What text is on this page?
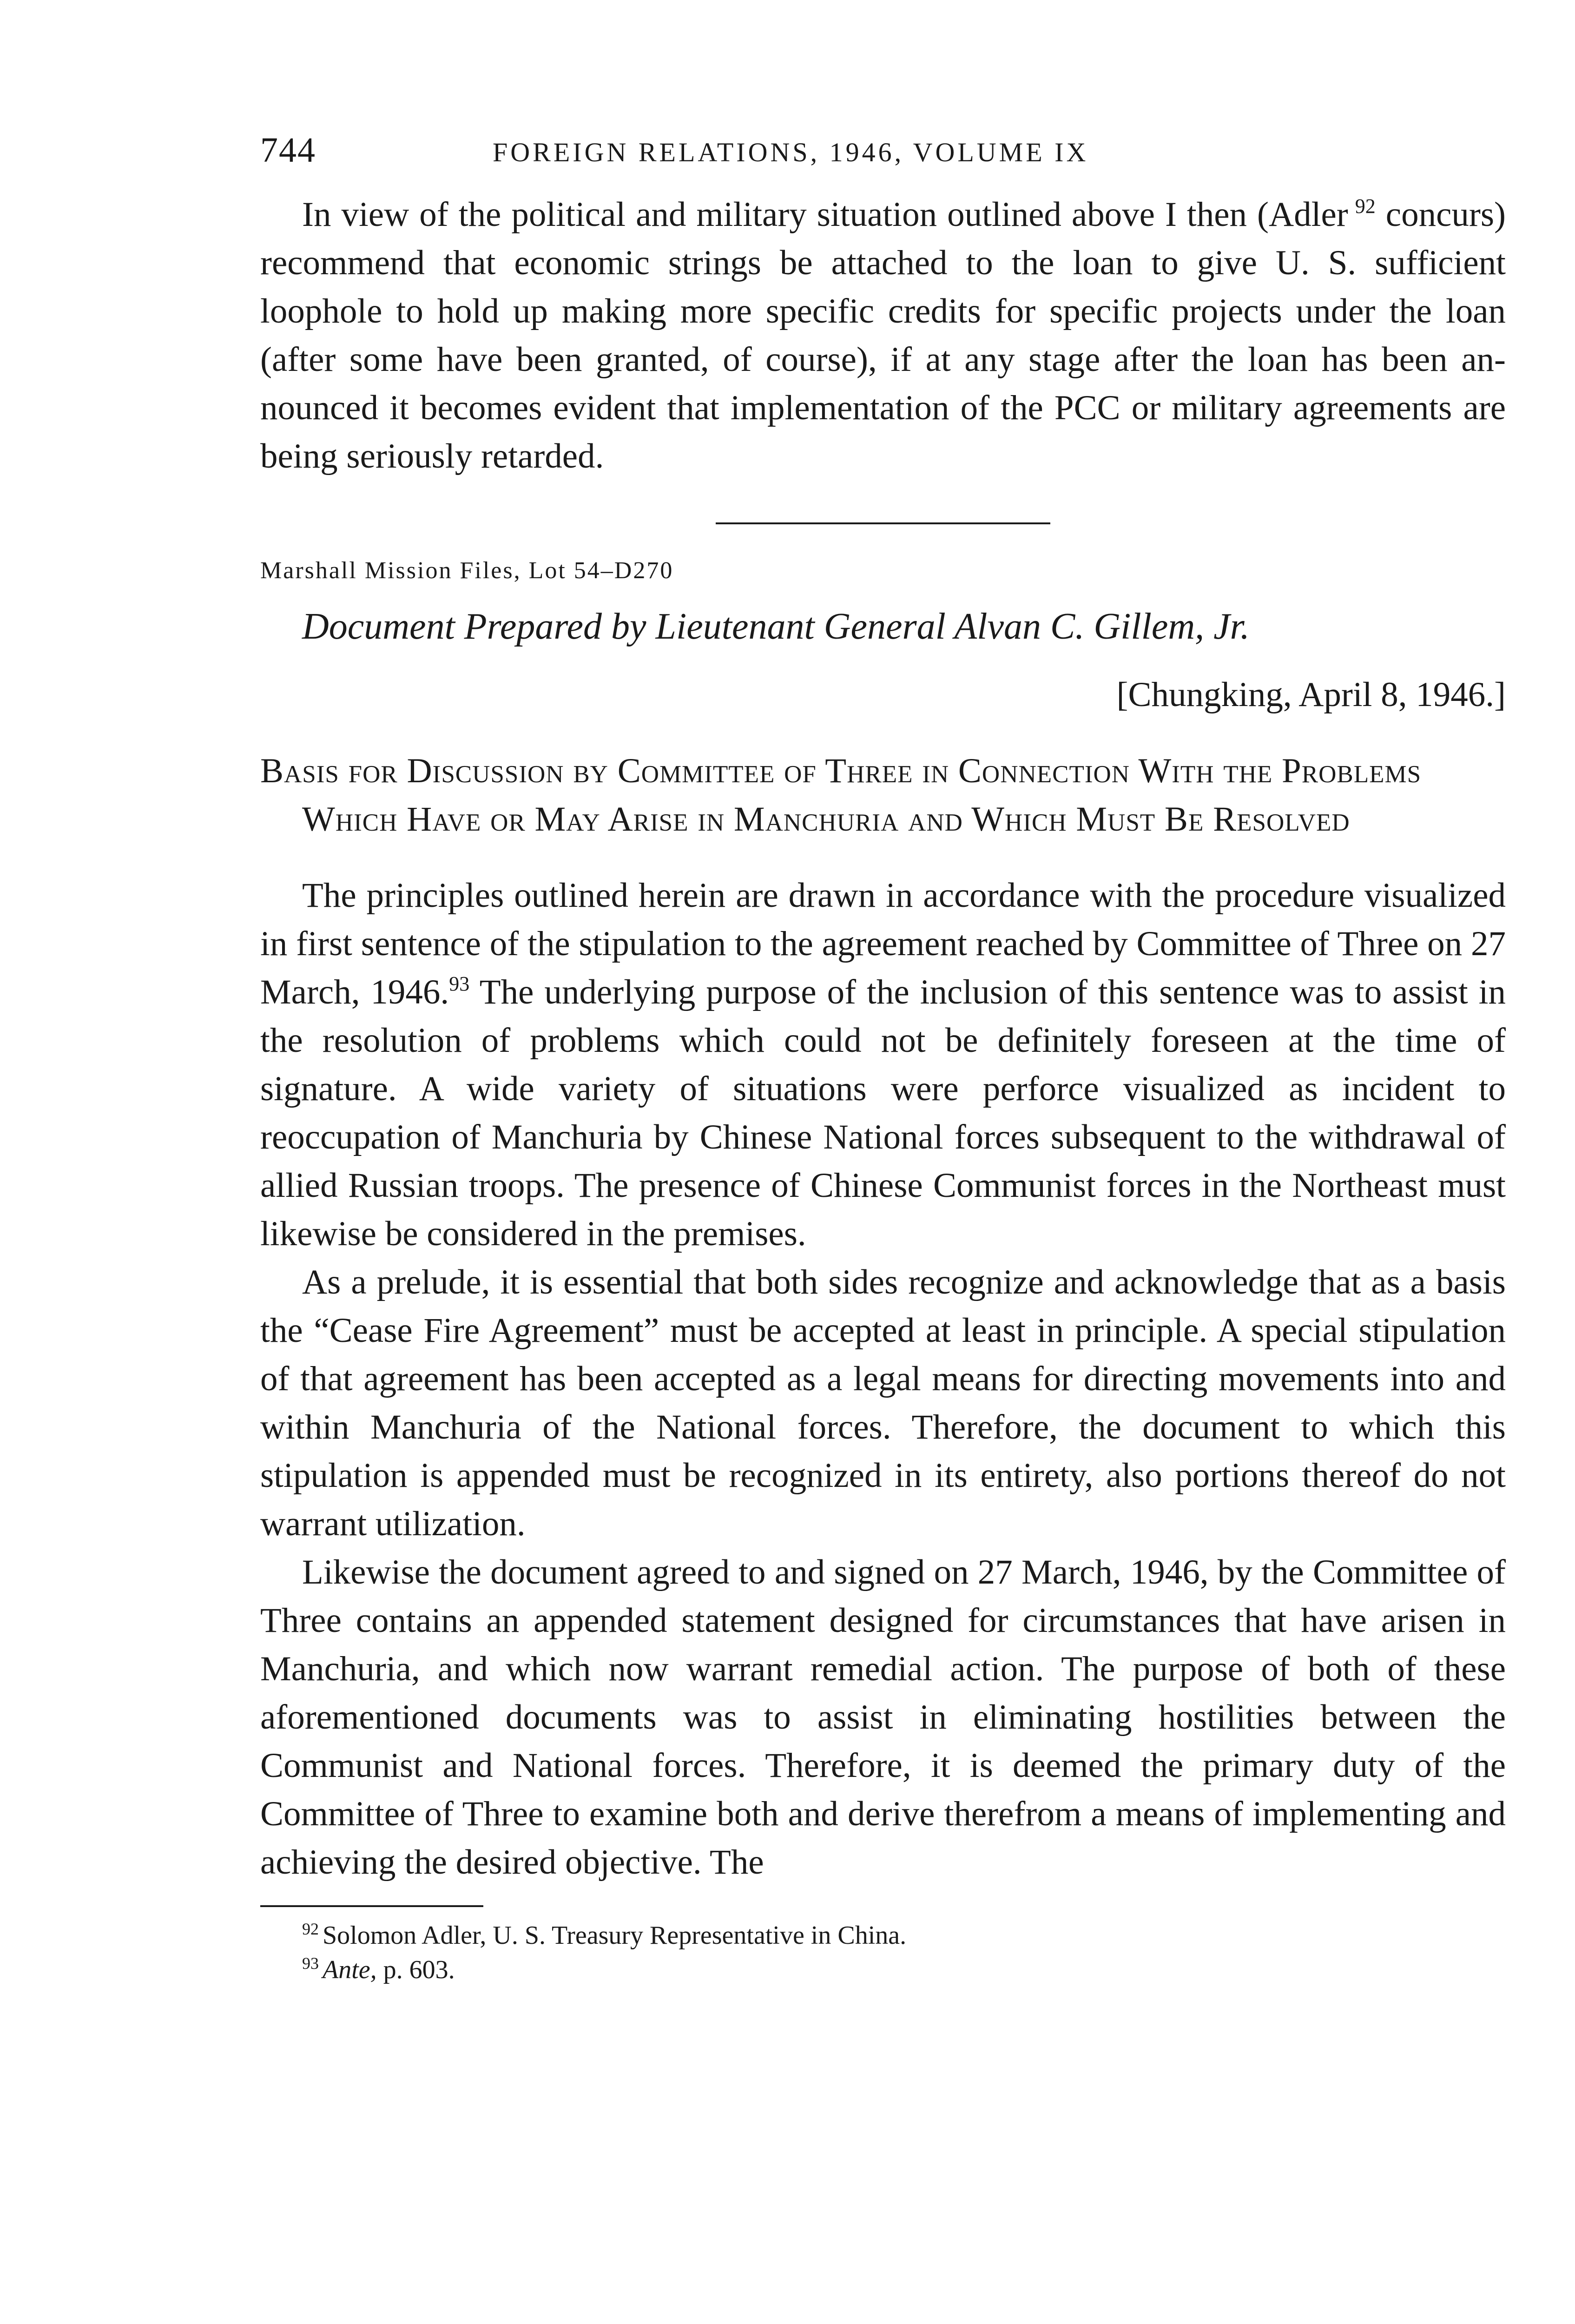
744	FOREIGN RELATIONS, 1946, VOLUME IX

In view of the political and military situation outlined above I then (Adler  $^{92}$ concurs) recommend that economic strings be attached to the loan to give U. S. sufficient loophole to hold up making more specific credits for specific projects under the loan (after some have been granted, of course), if at any stage after the loan has been announced it becomes evident that implementation of the PCC or military agreements are being seriously retarded.

Marshall Mission Files, Lot 54–D270
Document Prepared by Lieutenant General Alvan C. Gillem, Jr.
[Chungking, April 8, 1946.]

Basis for Discussion by Committee of Three in Connection With the Problems Which Have or May Arise in Manchuria and Which Must Be Resolved

The principles outlined herein are drawn in accordance with the procedure visualized in first sentence of the stipulation to the agreement reached by Committee of Three on 27 March, 1946.93 The underlying purpose of the inclusion of this sentence was to assist in the resolution of problems which could not be definitely foreseen at the time of signature. A wide variety of situations were perforce visualized as incident to reoccupation of Manchuria by Chinese National forces subsequent to the withdrawal of allied Russian troops. The presence of Chinese Communist forces in the Northeast must likewise be considered in the premises.

As a prelude, it is essential that both sides recognize and acknowledge that as a basis the “Cease Fire Agreement” must be accepted at least in principle. A special stipulation of that agreement has been accepted as a legal means for directing movements into and within Manchuria of the National forces. Therefore, the document to which this stipulation is appended must be recognized in its entirety, also portions thereof do not warrant utilization.

Likewise the document agreed to and signed on 27 March, 1946, by the Committee of Three contains an appended statement designed for circumstances that have arisen in Manchuria, and which now warrant remedial action. The purpose of both of these aforementioned documents was to assist in eliminating hostilities between the Communist and National forces. Therefore, it is deemed the primary duty of the Committee of Three to examine both and derive therefrom a means of implementing and achieving the desired objective. The

$^{92}$ Solomon Adler, U. S. Treasury Representative in China.
$^{93}$ Ante, p. 603.
